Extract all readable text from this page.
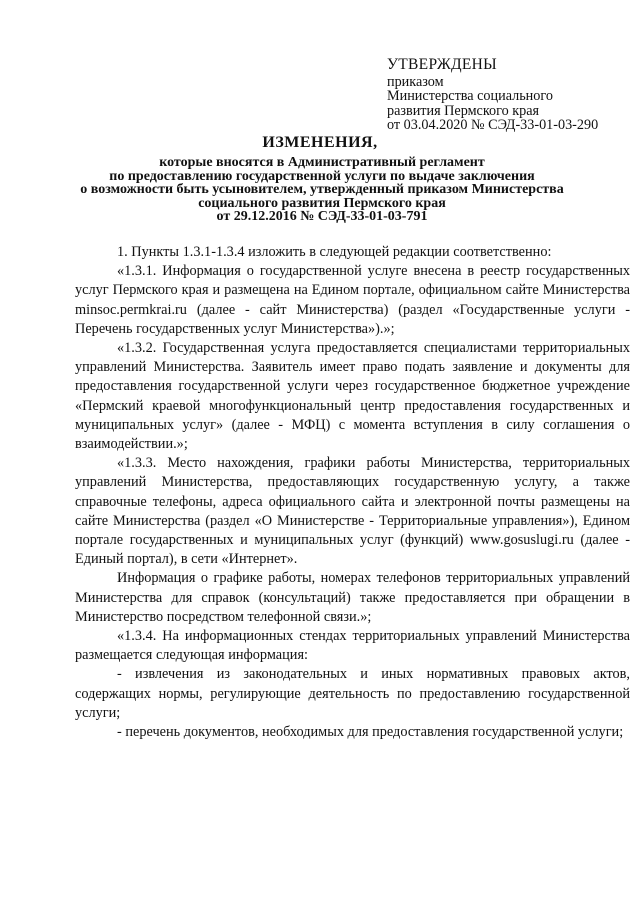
УТВЕРЖДЕНЫ
приказом
Министерства социального
развития Пермского края
от 03.04.2020 № СЭД-33-01-03-290
ИЗМЕНЕНИЯ,
которые вносятся в Административный регламент
по предоставлению государственной услуги по выдаче заключения
о возможности быть усыновителем, утвержденный приказом Министерства
социального развития Пермского края
от 29.12.2016 № СЭД-33-01-03-791

1. Пункты 1.3.1-1.3.4 изложить в следующей редакции соответственно:

«1.3.1. Информация о государственной услуге внесена в реестр государственных услуг Пермского края и размещена на Едином портале, официальном сайте Министерства minsoc.permkrai.ru (далее - сайт Министерства) (раздел «Государственные услуги - Перечень государственных услуг Министерства»).»;

«1.3.2. Государственная услуга предоставляется специалистами территориальных управлений Министерства. Заявитель имеет право подать заявление и документы для предоставления государственной услуги через государственное бюджетное учреждение «Пермский краевой многофункциональный центр предоставления государственных и муниципальных услуг» (далее - МФЦ) с момента вступления в силу соглашения о взаимодействии.»;

«1.3.3. Место нахождения, графики работы Министерства, территориальных управлений Министерства, предоставляющих государственную услугу, а также справочные телефоны, адреса официального сайта и электронной почты размещены на сайте Министерства (раздел «О Министерстве - Территориальные управления»), Едином портале государственных и муниципальных услуг (функций) www.gosuslugi.ru (далее - Единый портал), в сети «Интернет».

Информация о графике работы, номерах телефонов территориальных управлений Министерства для справок (консультаций) также предоставляется при обращении в Министерство посредством телефонной связи.»;

«1.3.4. На информационных стендах территориальных управлений Министерства размещается следующая информация:

- извлечения из законодательных и иных нормативных правовых актов, содержащих нормы, регулирующие деятельность по предоставлению государственной услуги;

- перечень документов, необходимых для предоставления государственной услуги;
